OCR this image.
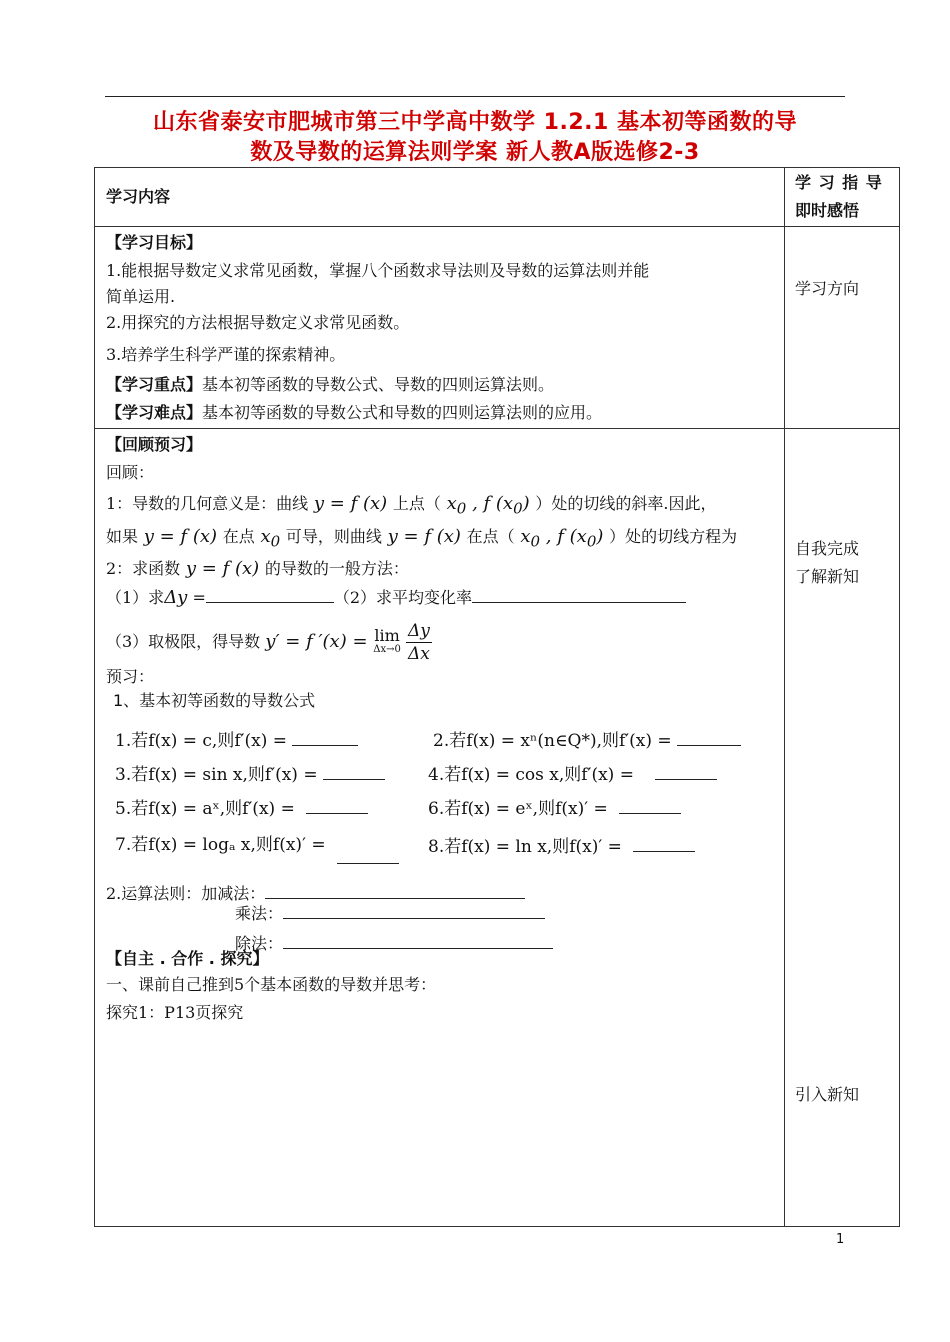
山东省泰安市肥城市第三中学高中数学 1.2.1 基本初等函数的导
数及导数的运算法则学案 新人教A版选修2-3
学习内容
学 习 指 导
即时感悟
【学习目标】
1.能根据导数定义求常见函数，掌握八个函数求导法则及导数的运算法则并能
简单运用.
2.用探究的方法根据导数定义求常见函数。
3.培养学生科学严谨的探索精神。
【学习重点】基本初等函数的导数公式、导数的四则运算法则。
【学习难点】基本初等函数的导数公式和导数的四则运算法则的应用。
学习方向
【回顾预习】
回顾：
1：导数的几何意义是：曲线 y = f (x) 上点（ $x_0$ , f $(x_0)$ ）处的切线的斜率.因此，
如果 y = f (x) 在点 $x_0$ 可导，则曲线 y = f (x) 在点（ $x_0$ , f $(x_0)$ ）处的切线方程为
2：求函数 y = f (x) 的导数的一般方法：
（1）求Δy =	（2）求平均变化率
（3）取极限，得导数 y′ = f ′(x) = lim
Δx→0
$\frac{\Delta y}{\Delta x}$
预习：
1、基本初等函数的导数公式
1.若f(x) = c,则f′(x) =	2.若f(x) = xⁿ(n∈Q*),则f′(x) =
3.若f(x) = sin x,则f′(x) =	4.若f(x) = cos x,则f′(x) =
5.若f(x) = aˣ,则f′(x) =	6.若f(x) = eˣ,则f(x)′ =
7.若f(x) = logₐ x,则f(x)′ =	8.若f(x) = ln x,则f(x)′ =
2.运算法则：加减法：
乘法：
除法：
自我完成
了解新知
【自主 . 合作 . 探究】
一、课前自己推到5个基本函数的导数并思考：
探究1：P13页探究
引入新知
1
